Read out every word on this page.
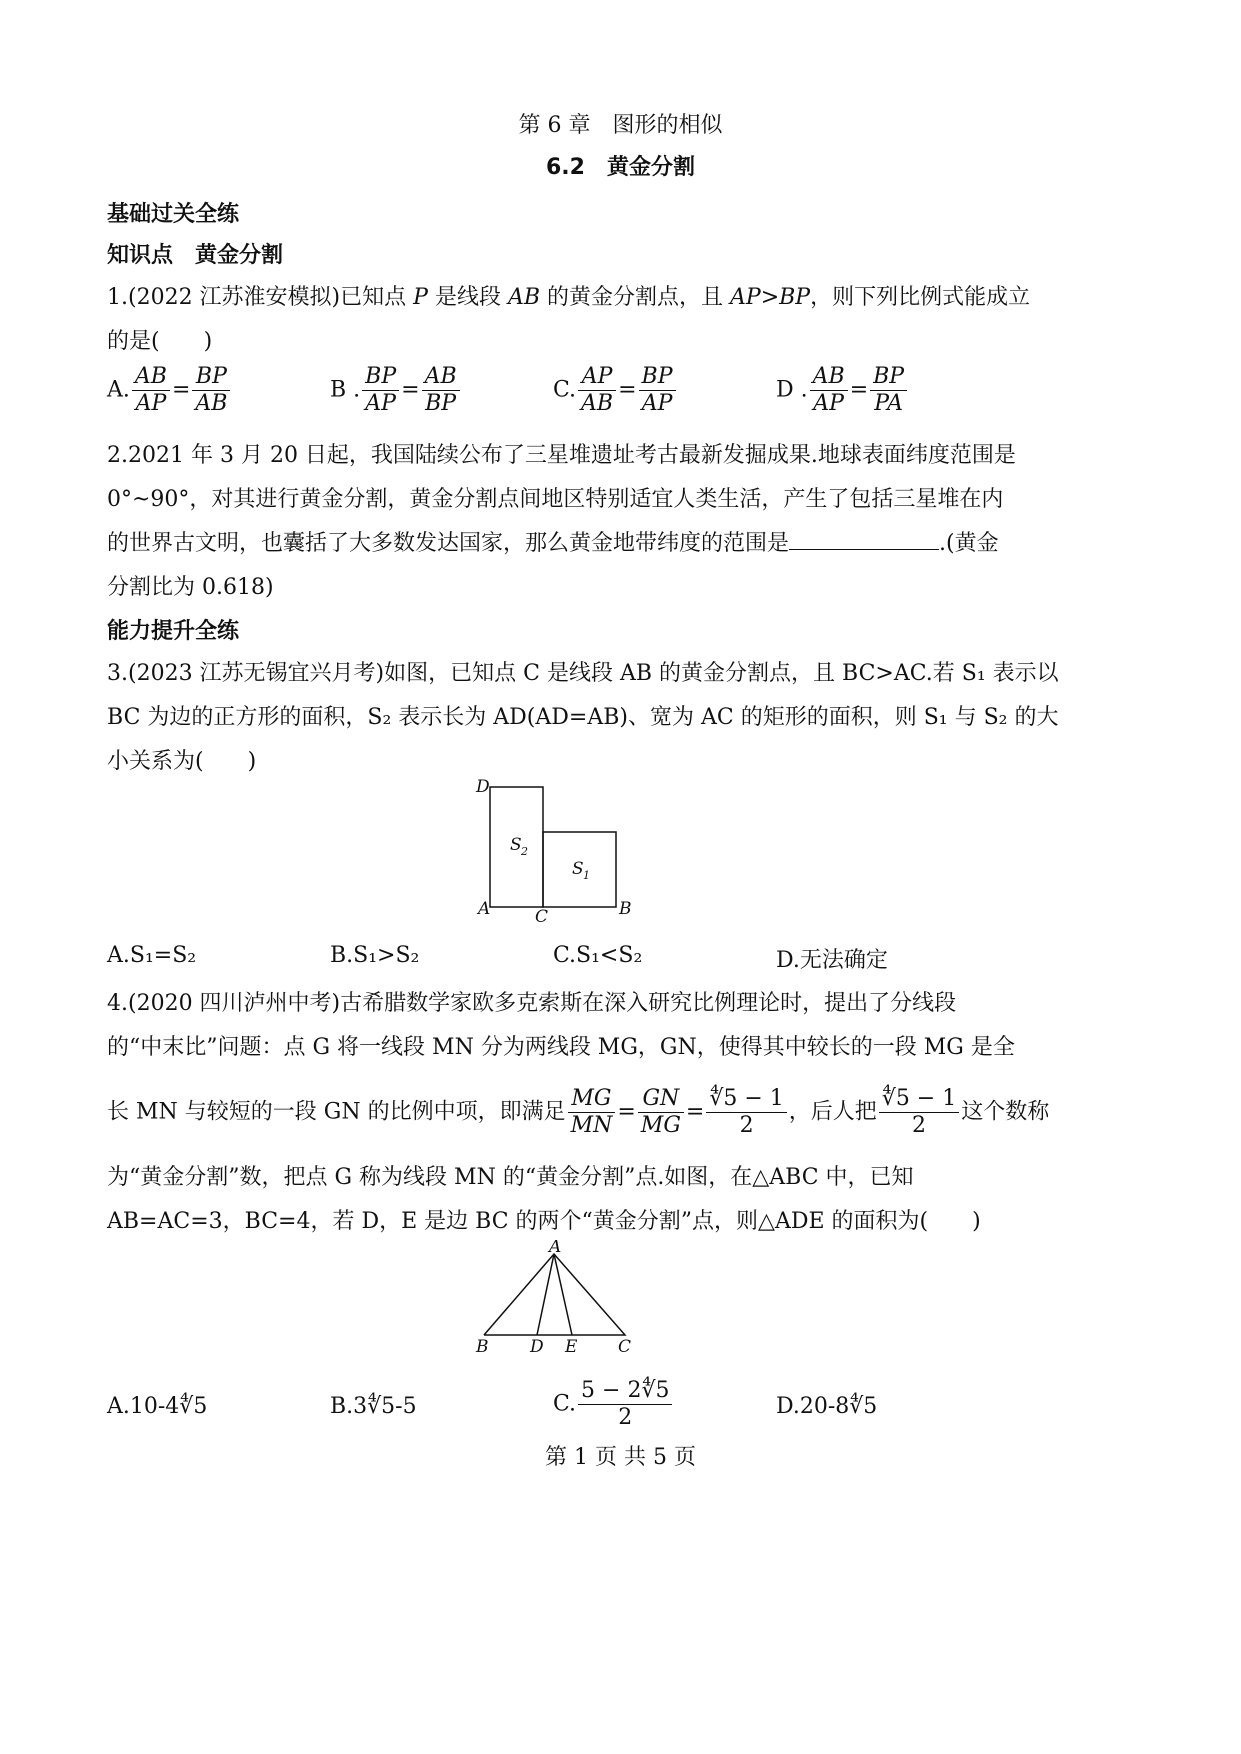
第 6 章　图形的相似
6.2　黄金分割
基础过关全练
知识点　黄金分割
1.(2022 江苏淮安模拟)已知点 P 是线段 AB 的黄金分割点，且 AP>BP，则下列比例式能成立
的是(　　)
A. $\frac{AB}{AP} = \frac{BP}{AB}$	B . $\frac{BP}{AP} = \frac{AB}{BP}$	C. $\frac{AP}{AB} = \frac{BP}{AP}$	D . $\frac{AB}{AP} = \frac{BP}{PA}$
2.2021 年 3 月 20 日起，我国陆续公布了三星堆遗址考古最新发掘成果.地球表面纬度范围是
0°~90°，对其进行黄金分割，黄金分割点间地区特别适宜人类生活，产生了包括三星堆在内
的世界古文明，也囊括了大多数发达国家，那么黄金地带纬度的范围是	.(黄金
分割比为 0.618)
能力提升全练
3.(2023 江苏无锡宜兴月考)如图，已知点 C 是线段 AB 的黄金分割点，且 BC>AC.若 S₁ 表示以
BC 为边的正方形的面积，S₂ 表示长为 AD(AD=AB)、宽为 AC 的矩形的面积，则 S₁ 与 S₂ 的大
小关系为(　　)
D
A	C	B
S 2
S 1
A.S₁=S₂	B.S₁>S₂	C.S₁<S₂	D.无法确定
4.(2020 四川泸州中考)古希腊数学家欧多克索斯在深入研究比例理论时，提出了分线段
的“中末比”问题：点 G 将一线段 MN 分为两线段 MG，GN，使得其中较长的一段 MG 是全
长 MN 与较短的一段 GN 的比例中项，即满足 $\frac{MG}{MN} = \frac{GN}{MG} = \frac{∜5 - 1}{2}$ ，后人把 $\frac{∜5 - 1}{2}$ 这个数称
为“黄金分割”数，把点 G 称为线段 MN 的“黄金分割”点.如图，在△ABC 中，已知
AB=AC=3，BC=4，若 D，E 是边 BC 的两个“黄金分割”点，则△ADE 的面积为(　　)
A
B D E C
A.10-4∜5	B.3∜5-5	C. $\frac{5 - 2∜5}{2}$	D.20-8∜5
第 1 页 共 5 页
